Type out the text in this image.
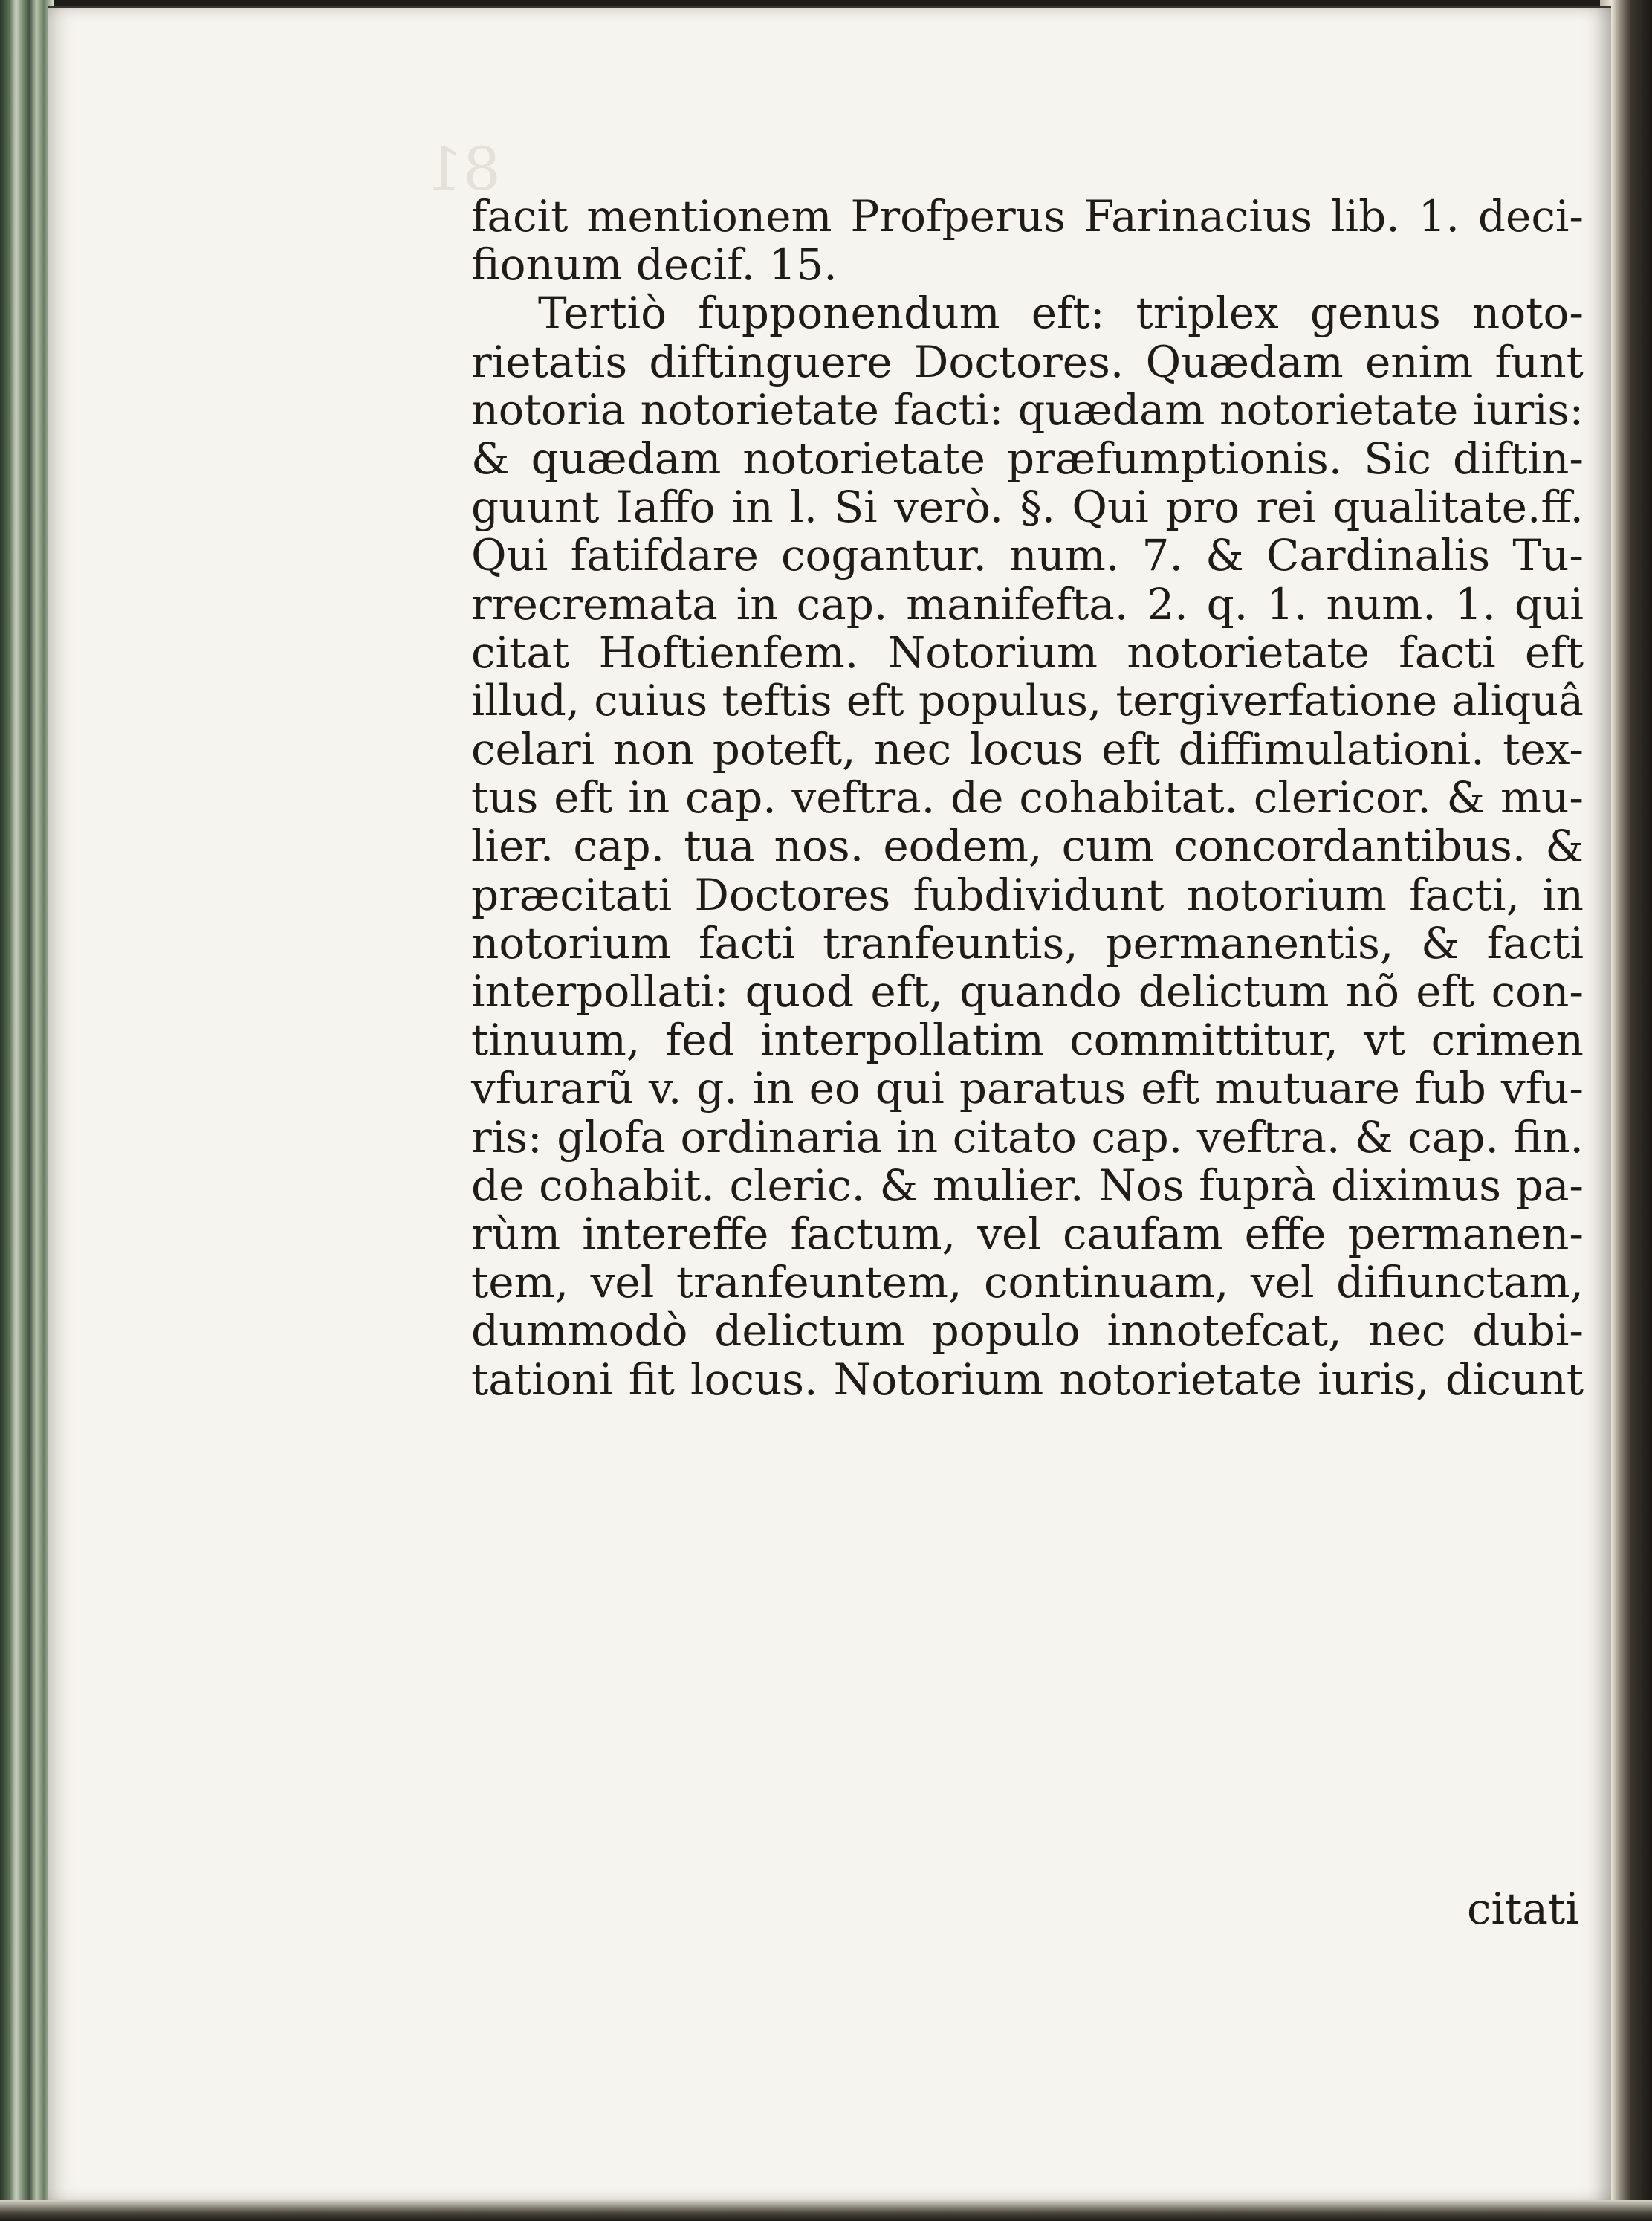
81
facit mentionem Profperus Farinacius lib. 1. deci-
fionum decif. 15.
Tertiò fupponendum eft: triplex genus noto-
rietatis diftinguere Doctores. Quædam enim funt
notoria notorietate facti: quædam notorietate iuris:
& quædam notorietate præfumptionis. Sic diftin-
guunt Iaffo in l. Si verò. §. Qui pro rei qualitate.ff.
Qui fatifdare cogantur. num. 7. & Cardinalis Tu-
rrecremata in cap. manifefta. 2. q. 1. num. 1. qui
citat Hoftienfem. Notorium notorietate facti eft
illud, cuius teftis eft populus, tergiverfatione aliquâ
celari non poteft, nec locus eft diffimulationi. tex-
tus eft in cap. veftra. de cohabitat. clericor. & mu-
lier. cap. tua nos. eodem, cum concordantibus. &
præcitati Doctores fubdividunt notorium facti, in
notorium facti tranfeuntis, permanentis, & facti
interpollati: quod eft, quando delictum nõ eft con-
tinuum, fed interpollatim committitur, vt crimen
vfurarũ v. g. in eo qui paratus eft mutuare fub vfu-
ris: glofa ordinaria in citato cap. veftra. & cap. fin.
de cohabit. cleric. & mulier. Nos fuprà diximus pa-
rùm intereffe factum, vel caufam effe permanen-
tem, vel tranfeuntem, continuam, vel difiunctam,
dummodò delictum populo innotefcat, nec dubi-
tationi fit locus. Notorium notorietate iuris, dicunt
citati
